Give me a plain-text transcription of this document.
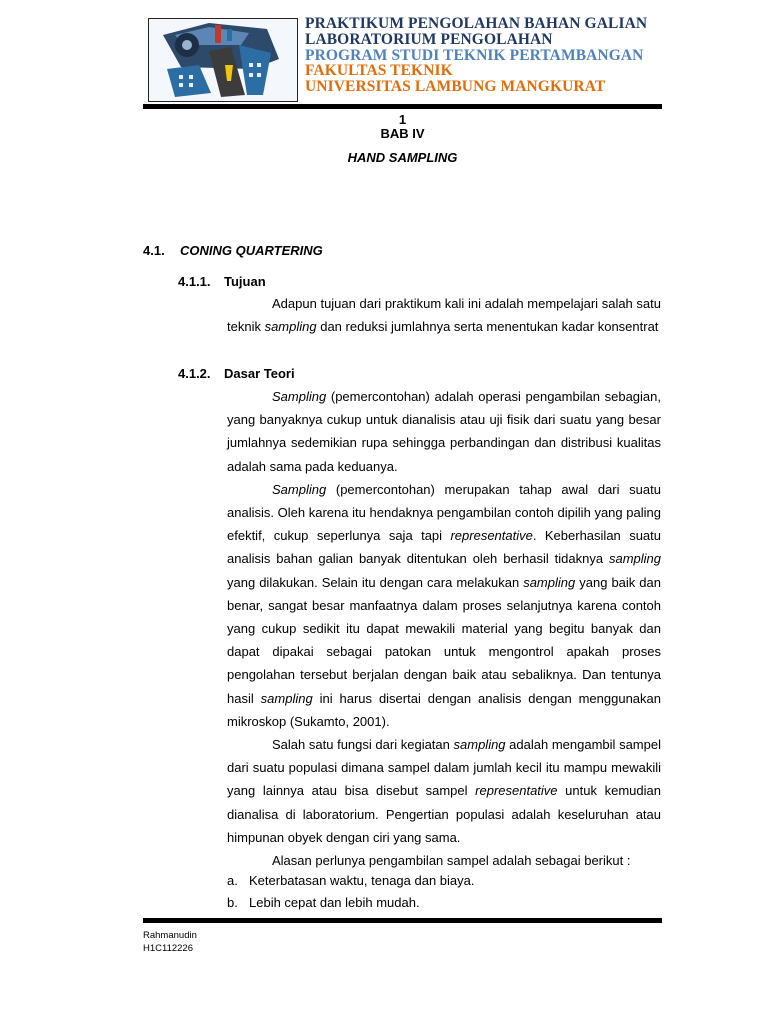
PRAKTIKUM PENGOLAHAN BAHAN GALIAN
LABORATORIUM PENGOLAHAN
PROGRAM STUDI TEKNIK PERTAMBANGAN
FAKULTAS TEKNIK
UNIVERSITAS LAMBUNG MANGKURAT
1
BAB IV
HAND SAMPLING
4.1. CONING QUARTERING
4.1.1. Tujuan

Adapun tujuan dari praktikum kali ini adalah mempelajari salah satu teknik sampling dan reduksi jumlahnya serta menentukan kadar konsentrat

4.1.2. Dasar Teori

Sampling (pemercontohan) adalah operasi pengambilan sebagian, yang banyaknya cukup untuk dianalisis atau uji fisik dari suatu yang besar jumlahnya sedemikian rupa sehingga perbandingan dan distribusi kualitas adalah sama pada keduanya.

Sampling (pemercontohan) merupakan tahap awal dari suatu analisis. Oleh karena itu hendaknya pengambilan contoh dipilih yang paling efektif, cukup seperlunya saja tapi representative. Keberhasilan suatu analisis bahan galian banyak ditentukan oleh berhasil tidaknya sampling yang dilakukan. Selain itu dengan cara melakukan sampling yang baik dan benar, sangat besar manfaatnya dalam proses selanjutnya karena contoh yang cukup sedikit itu dapat mewakili material yang begitu banyak dan dapat dipakai sebagai patokan untuk mengontrol apakah proses pengolahan tersebut berjalan dengan baik atau sebaliknya. Dan tentunya hasil sampling ini harus disertai dengan analisis dengan menggunakan mikroskop (Sukamto, 2001).

Salah satu fungsi dari kegiatan sampling adalah mengambil sampel dari suatu populasi dimana sampel dalam jumlah kecil itu mampu mewakili yang lainnya atau bisa disebut sampel representative untuk kemudian dianalisa di laboratorium. Pengertian populasi adalah keseluruhan atau himpunan obyek dengan ciri yang sama.

Alasan perlunya pengambilan sampel adalah sebagai berikut :

a. Keterbatasan waktu, tenaga dan biaya.
b. Lebih cepat dan lebih mudah.
Rahmanudin
H1C112226
